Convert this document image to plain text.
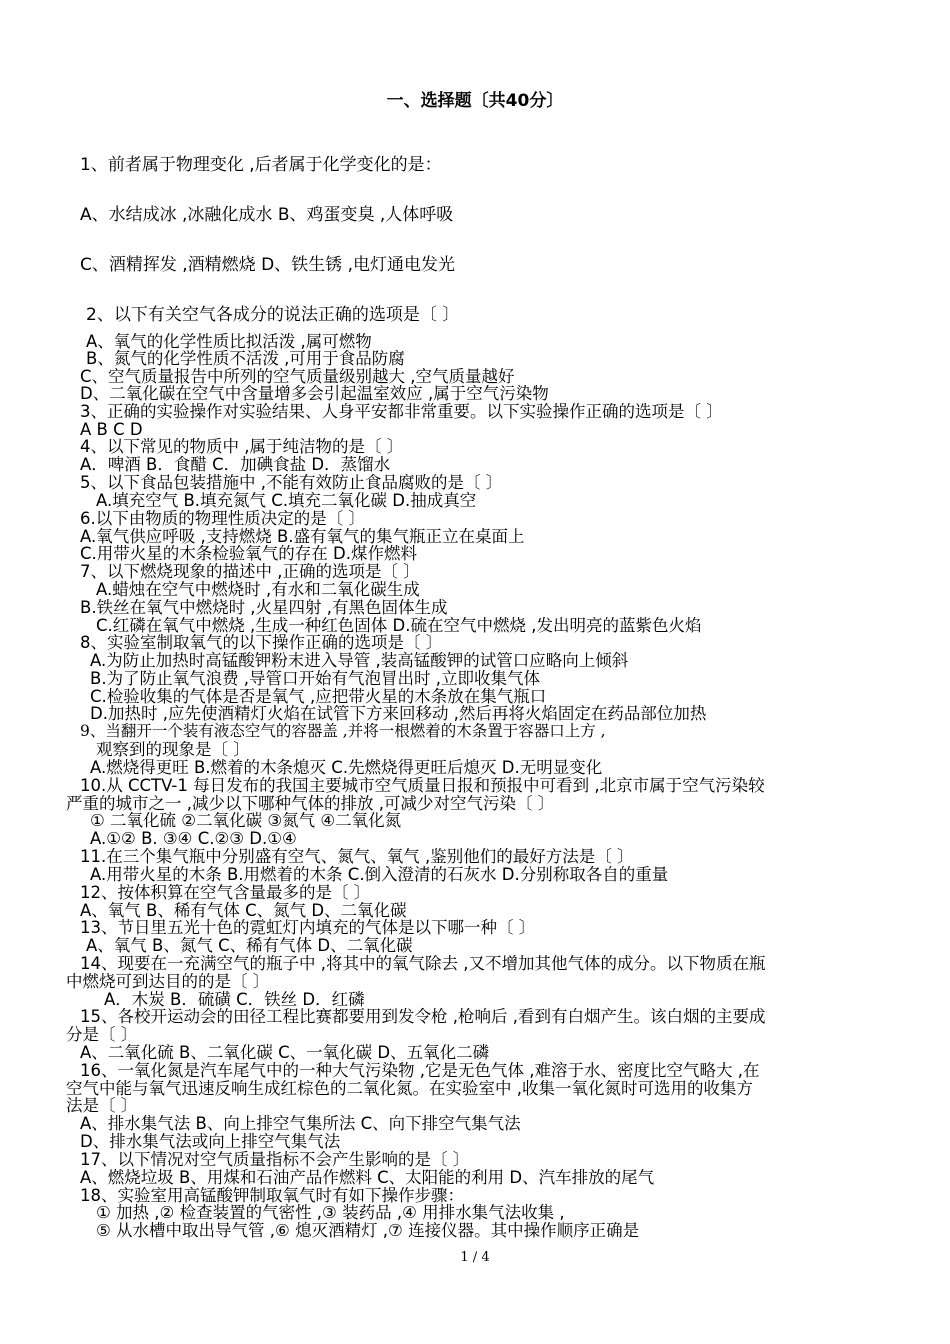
一、选择题〔共40分〕
1、前者属于物理变化 ,后者属于化学变化的是：
A、水结成冰 ,冰融化成水 B、鸡蛋变臭 ,人体呼吸
C、酒精挥发 ,酒精燃烧 D、铁生锈 ,电灯通电发光
2、以下有关空气各成分的说法正确的选项是〔 〕
A、氧气的化学性质比拟活泼 ,属可燃物
B、氮气的化学性质不活泼 ,可用于食品防腐
C、空气质量报告中所列的空气质量级别越大 ,空气质量越好
D、二氧化碳在空气中含量增多会引起温室效应 ,属于空气污染物
3、正确的实验操作对实验结果、人身平安都非常重要。以下实验操作正确的选项是〔 〕
A B C D
4、以下常见的物质中 ,属于纯洁物的是〔 〕
A．啤酒 B．食醋 C．加碘食盐 D．蒸馏水
5、以下食品包装措施中 ,不能有效防止食品腐败的是〔 〕
A.填充空气 B.填充氮气 C.填充二氧化碳 D.抽成真空
6.以下由物质的物理性质决定的是〔 〕
A.氧气供应呼吸 ,支持燃烧 B.盛有氧气的集气瓶正立在桌面上
C.用带火星的木条检验氧气的存在 D.煤作燃料
7、以下燃烧现象的描述中 ,正确的选项是〔 〕
A.蜡烛在空气中燃烧时 ,有水和二氧化碳生成
B.铁丝在氧气中燃烧时 ,火星四射 ,有黑色固体生成
C.红磷在氧气中燃烧 ,生成一种红色固体 D.硫在空气中燃烧 ,发出明亮的蓝紫色火焰
8、实验室制取氧气的以下操作正确的选项是〔 〕
A.为防止加热时高锰酸钾粉末进入导管 ,装高锰酸钾的试管口应略向上倾斜
B.为了防止氧气浪费 ,导管口开始有气泡冒出时 ,立即收集气体
C.检验收集的气体是否是氧气 ,应把带火星的木条放在集气瓶口
D.加热时 ,应先使酒精灯火焰在试管下方来回移动 ,然后再将火焰固定在药品部位加热
9、当翻开一个装有液态空气的容器盖 ,并将一根燃着的木条置于容器口上方 ,
观察到的现象是〔 〕
A.燃烧得更旺 B.燃着的木条熄灭 C.先燃烧得更旺后熄灭 D.无明显变化
10.从 CCTV-1 每日发布的我国主要城市空气质量日报和预报中可看到 ,北京市属于空气污染较
严重的城市之一 ,减少以下哪种气体的排放 ,可减少对空气污染〔 〕
① 二氧化硫 ②二氧化碳 ③氮气 ④二氧化氮
A.①② B. ③④ C.②③ D.①④
11.在三个集气瓶中分别盛有空气、氮气、氧气 ,鉴别他们的最好方法是〔 〕
A.用带火星的木条 B.用燃着的木条 C.倒入澄清的石灰水 D.分别称取各自的重量
12、按体积算在空气含量最多的是〔 〕
A、氧气 B、稀有气体 C、氮气 D、二氧化碳
13、节日里五光十色的霓虹灯内填充的气体是以下哪一种〔 〕
A、氧气 B、氮气 C、稀有气体 D、二氧化碳
14、现要在一充满空气的瓶子中 ,将其中的氧气除去 ,又不增加其他气体的成分。以下物质在瓶
中燃烧可到达目的的是〔 〕
A．木炭 B．硫磺 C．铁丝 D．红磷
15、各校开运动会的田径工程比赛都要用到发令枪 ,枪响后 ,看到有白烟产生。该白烟的主要成
分是〔 〕
A、二氧化硫 B、二氧化碳 C、一氧化碳 D、五氧化二磷
16、一氧化氮是汽车尾气中的一种大气污染物 ,它是无色气体 ,难溶于水、密度比空气略大 ,在
空气中能与氧气迅速反响生成红棕色的二氧化氮。在实验室中 ,收集一氧化氮时可选用的收集方
法是〔 〕
A、排水集气法 B、向上排空气集所法 C、向下排空气集气法
D、排水集气法或向上排空气集气法
17、以下情况对空气质量指标不会产生影响的是〔 〕
A、燃烧垃圾 B、用煤和石油产品作燃料 C、太阳能的利用 D、汽车排放的尾气
18、实验室用高锰酸钾制取氧气时有如下操作步骤：
① 加热 ,② 检查装置的气密性 ,③ 装药品 ,④ 用排水集气法收集 ,
⑤ 从水槽中取出导气管 ,⑥ 熄灭酒精灯 ,⑦ 连接仪器。其中操作顺序正确是
1 / 4
